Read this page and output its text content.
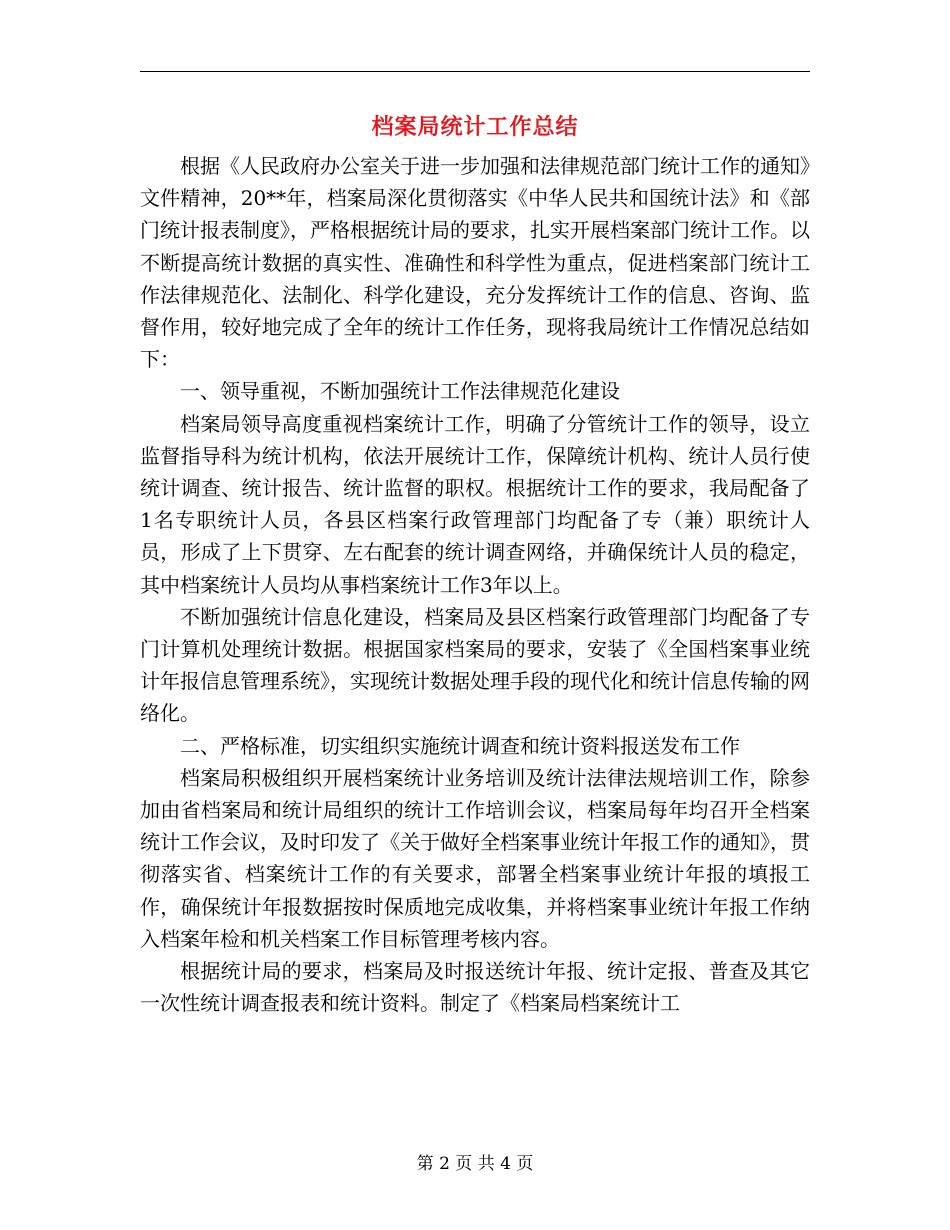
档案局统计工作总结

根据《人民政府办公室关于进一步加强和法律规范部门统计工作的通知》文件精神，20**年，档案局深化贯彻落实《中华人民共和国统计法》和《部门统计报表制度》，严格根据统计局的要求，扎实开展档案部门统计工作。以不断提高统计数据的真实性、准确性和科学性为重点，促进档案部门统计工作法律规范化、法制化、科学化建设，充分发挥统计工作的信息、咨询、监督作用，较好地完成了全年的统计工作任务，现将我局统计工作情况总结如下：

一、领导重视，不断加强统计工作法律规范化建设

档案局领导高度重视档案统计工作，明确了分管统计工作的领导，设立监督指导科为统计机构，依法开展统计工作，保障统计机构、统计人员行使统计调查、统计报告、统计监督的职权。根据统计工作的要求，我局配备了1名专职统计人员，各县区档案行政管理部门均配备了专（兼）职统计人员，形成了上下贯穿、左右配套的统计调查网络，并确保统计人员的稳定，其中档案统计人员均从事档案统计工作3年以上。

不断加强统计信息化建设，档案局及县区档案行政管理部门均配备了专门计算机处理统计数据。根据国家档案局的要求，安装了《全国档案事业统计年报信息管理系统》，实现统计数据处理手段的现代化和统计信息传输的网络化。

二、严格标准，切实组织实施统计调查和统计资料报送发布工作

档案局积极组织开展档案统计业务培训及统计法律法规培训工作，除参加由省档案局和统计局组织的统计工作培训会议，档案局每年均召开全档案统计工作会议，及时印发了《关于做好全档案事业统计年报工作的通知》，贯彻落实省、档案统计工作的有关要求，部署全档案事业统计年报的填报工作，确保统计年报数据按时保质地完成收集，并将档案事业统计年报工作纳入档案年检和机关档案工作目标管理考核内容。

根据统计局的要求，档案局及时报送统计年报、统计定报、普查及其它一次性统计调查报表和统计资料。制定了《档案局档案统计工

第 2 页 共 4 页
